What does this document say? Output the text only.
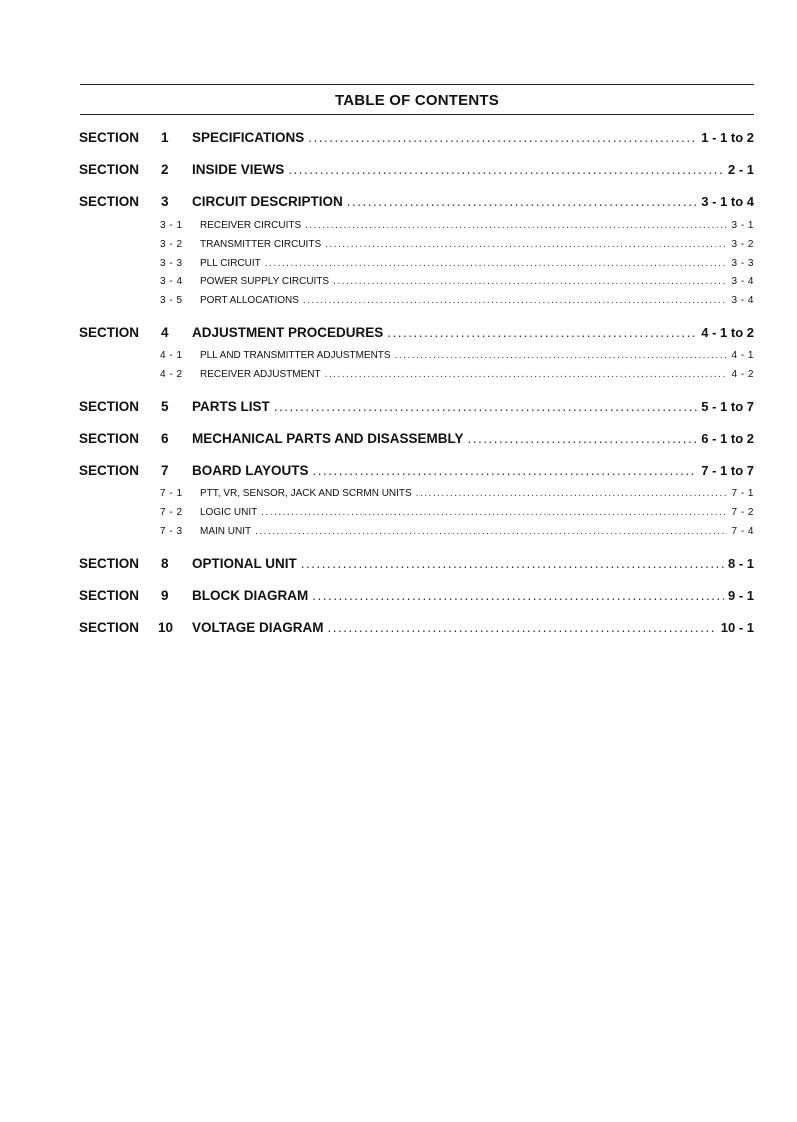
TABLE OF CONTENTS
SECTION 1 SPECIFICATIONS .....	1 - 1 to 2
SECTION 2 INSIDE VIEWS .....	2 - 1
SECTION 3 CIRCUIT DESCRIPTION .....	3 - 1 to 4
3 - 1 RECEIVER CIRCUITS .....	3 - 1
3 - 2 TRANSMITTER CIRCUITS .....	3 - 2
3 - 3 PLL CIRCUIT .....	3 - 3
3 - 4 POWER SUPPLY CIRCUITS .....	3 - 4
3 - 5 PORT ALLOCATIONS .....	3 - 4
SECTION 4 ADJUSTMENT PROCEDURES .....	4 - 1 to 2
4 - 1 PLL AND TRANSMITTER ADJUSTMENTS .....	4 - 1
4 - 2 RECEIVER ADJUSTMENT .....	4 - 2
SECTION 5 PARTS LIST .....	5 - 1 to 7
SECTION 6 MECHANICAL PARTS AND DISASSEMBLY .....	6 - 1 to 2
SECTION 7 BOARD LAYOUTS .....	7 - 1 to 7
7 - 1 PTT, VR, SENSOR, JACK AND SCRMN UNITS .....	7 - 1
7 - 2 LOGIC UNIT .....	7 - 2
7 - 3 MAIN UNIT .....	7 - 4
SECTION 8 OPTIONAL UNIT .....	8 - 1
SECTION 9 BLOCK DIAGRAM .....	9 - 1
SECTION 10 VOLTAGE DIAGRAM .....	10 - 1
